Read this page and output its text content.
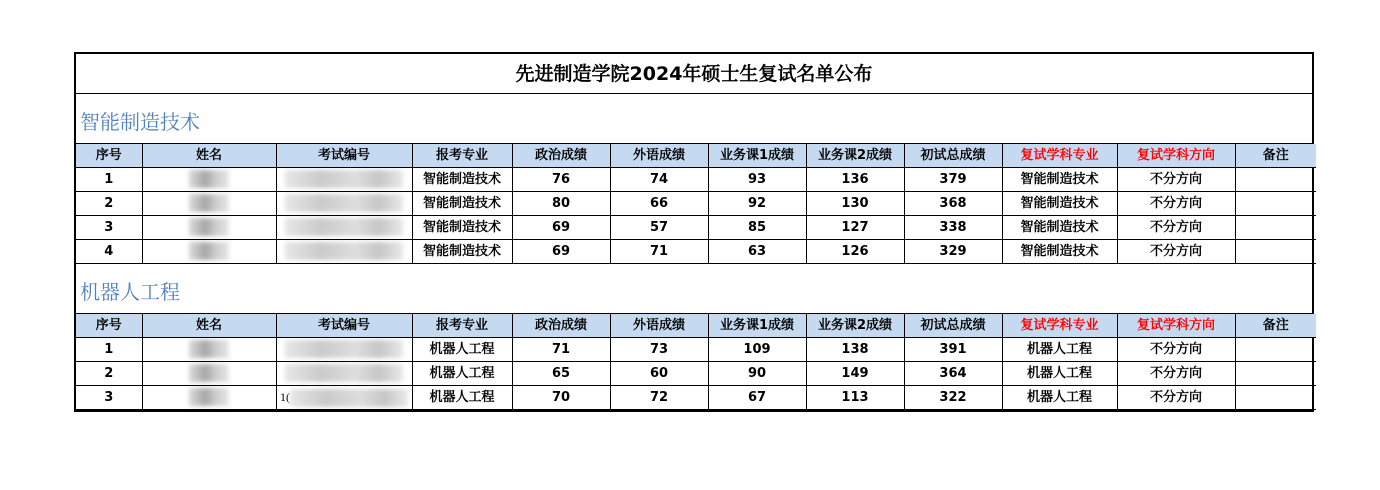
先进制造学院2024年硕士生复试名单公布
智能制造技术
序号	姓名	考试编号	报考专业	政治成绩	外语成绩	业务课1成绩	业务课2成绩	初试总成绩	复试学科专业	复试学科方向	备注
1			智能制造技术	76	74	93	136	379	智能制造技术	不分方向	
2			智能制造技术	80	66	92	130	368	智能制造技术	不分方向	
3			智能制造技术	69	57	85	127	338	智能制造技术	不分方向	
4			智能制造技术	69	71	63	126	329	智能制造技术	不分方向	
机器人工程
序号	姓名	考试编号	报考专业	政治成绩	外语成绩	业务课1成绩	业务课2成绩	初试总成绩	复试学科专业	复试学科方向	备注
1			机器人工程	71	73	109	138	391	机器人工程	不分方向	
2			机器人工程	65	60	90	149	364	机器人工程	不分方向	
3		1(	机器人工程	70	72	67	113	322	机器人工程	不分方向	
